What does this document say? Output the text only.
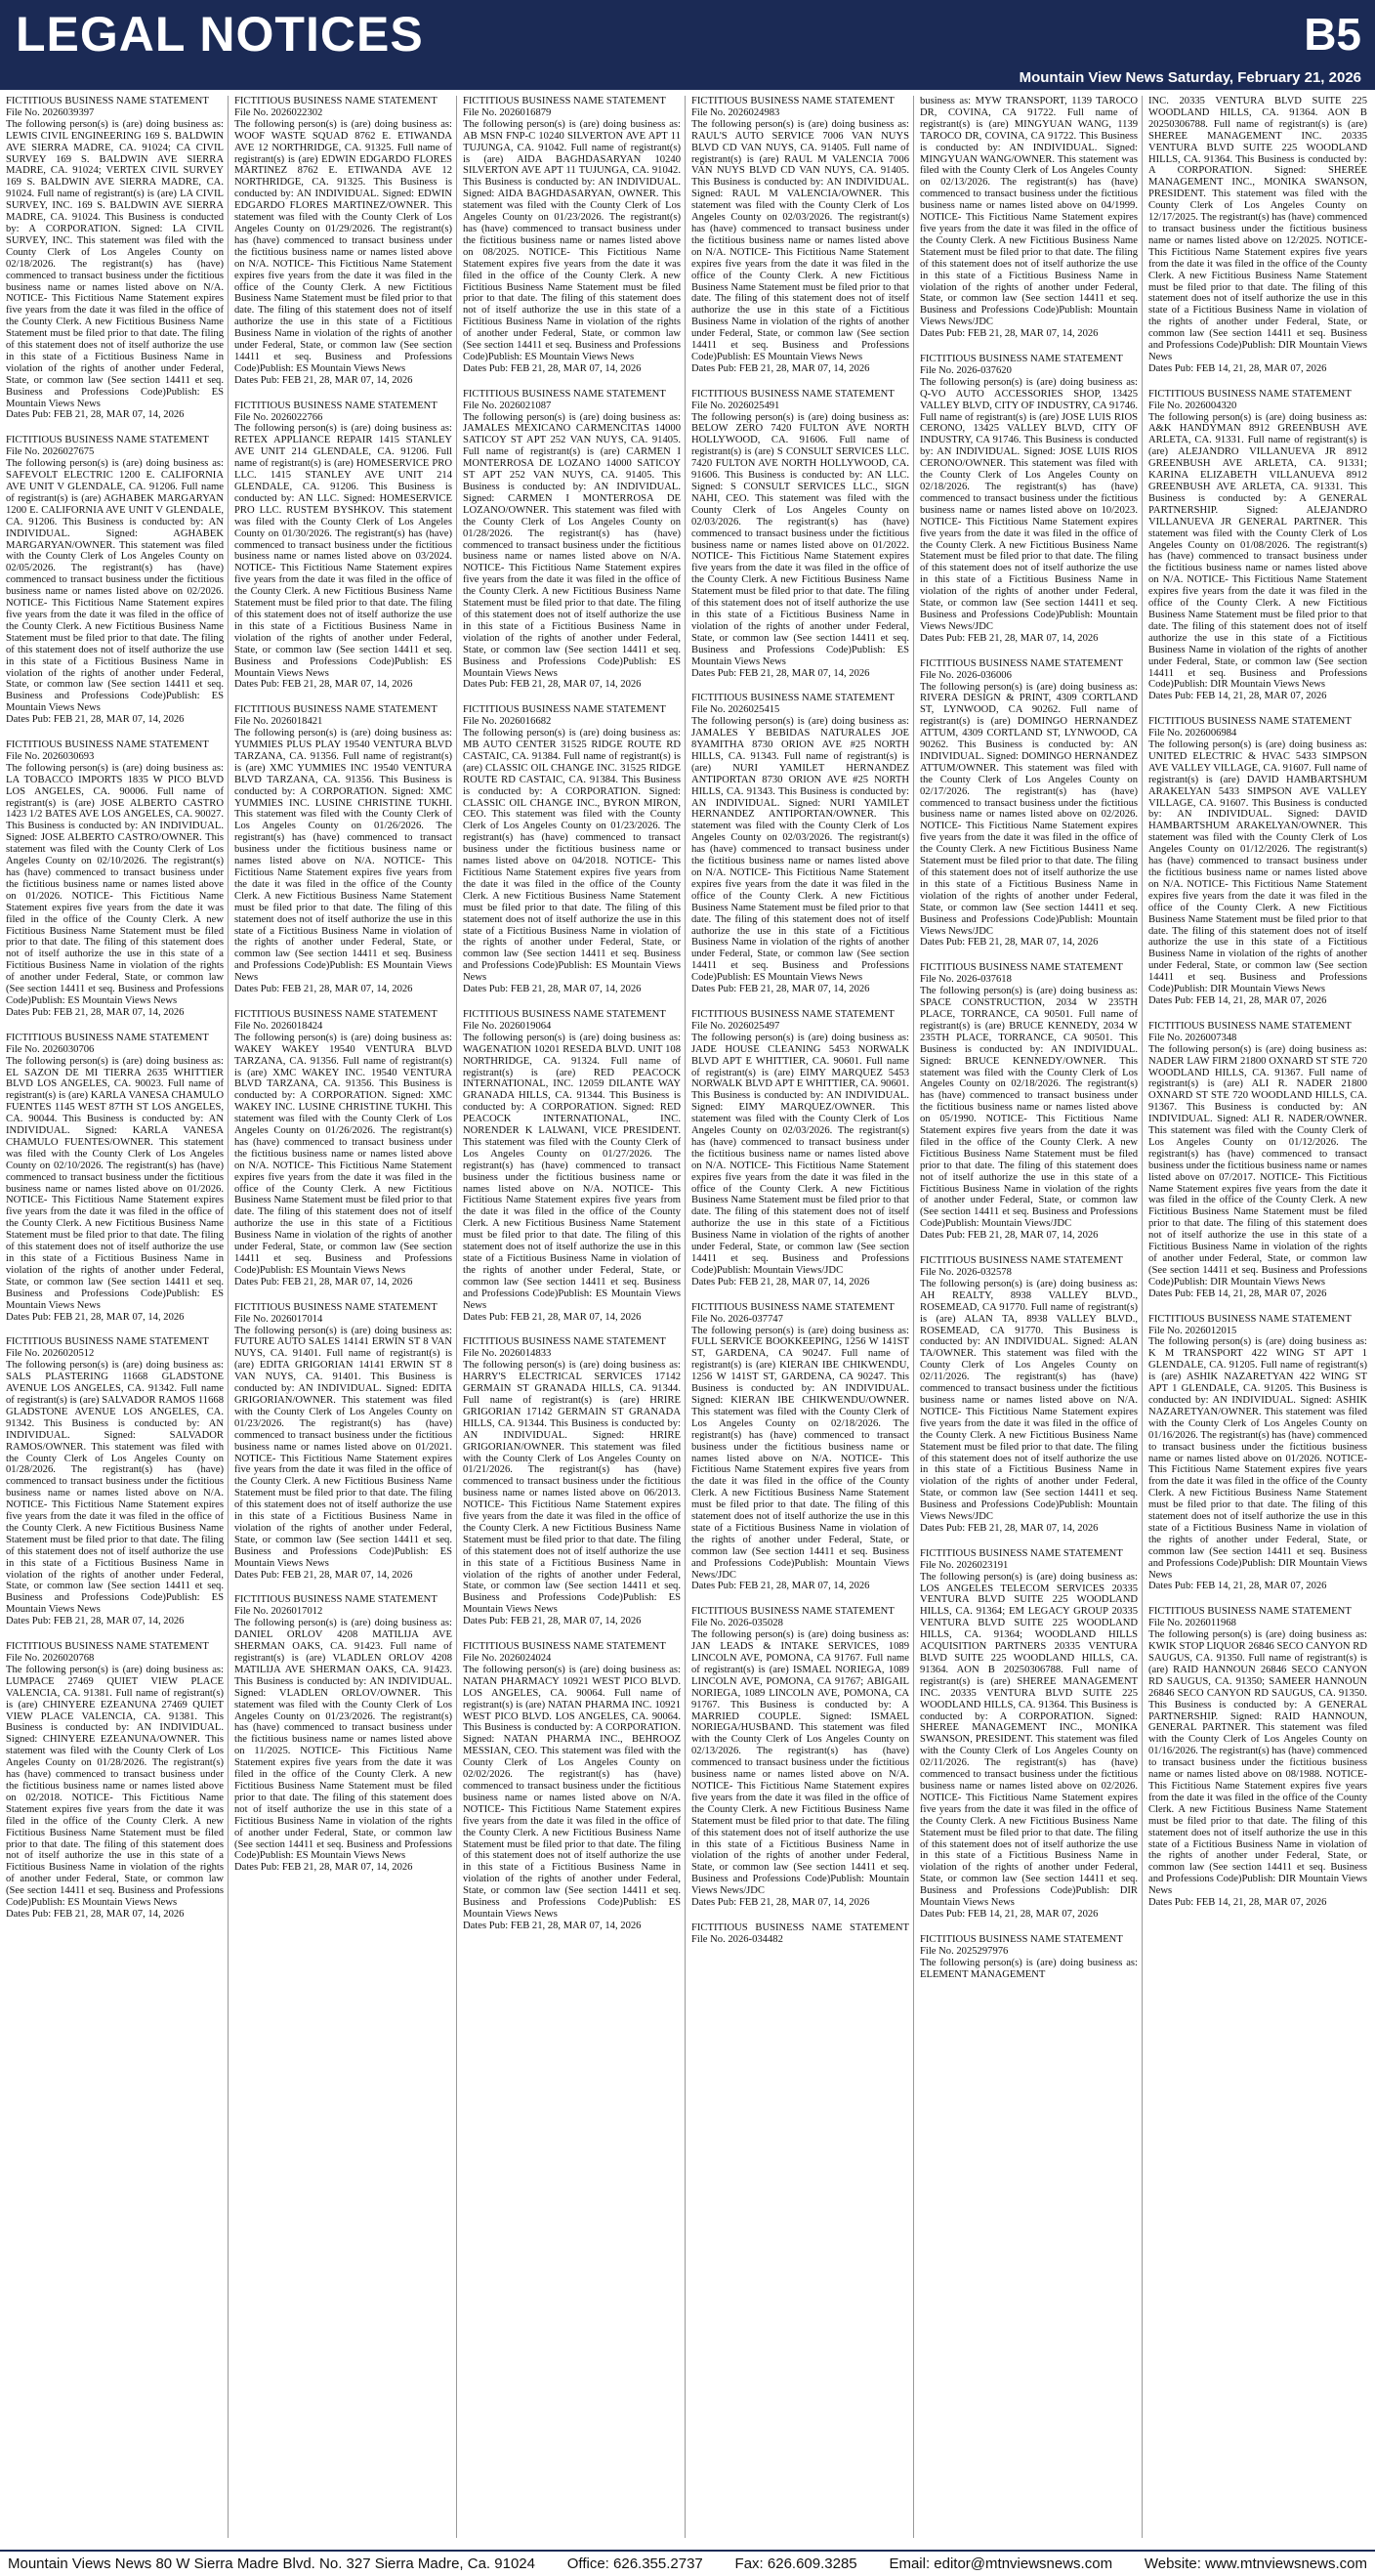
LEGAL NOTICES	B5
Mountain View News Saturday, February 21, 2026
FICTITIOUS BUSINESS NAME STATEMENT
File No. 2026039397
The following person(s) is (are) doing business as: LEWIS CIVIL ENGINEERING 169 S. BALDWIN AVE SIERRA MADRE, CA. 91024; CA CIVIL SURVEY 169 S. BALDWIN AVE SIERRA MADRE, CA. 91024; VERTEX CIVIL SURVEY 169 S. BALDWIN AVE SIERRA MADRE, CA. 91024. Full name of registrant(s) is (are) LA CIVIL SURVEY, INC. 169 S. BALDWIN AVE SIERRA MADRE, CA. 91024. This Business is conducted by: A CORPORATION. Signed: LA CIVIL SURVEY, INC. This statement was filed with the County Clerk of Los Angeles County on 02/18/2026. The registrant(s) has (have) commenced to transact business under the fictitious business name or names listed above on N/A. NOTICE- This Fictitious Name Statement expires five years from the date it was filed in the office of the County Clerk. A new Fictitious Business Name Statement must be filed prior to that date. The filing of this statement does not of itself authorize the use in this state of a Fictitious Business Name in violation of the rights of another under Federal, State, or common law (See section 14411 et seq. Business and Professions Code)Publish: ES Mountain Views News
Dates Pub: FEB 21, 28, MAR 07, 14, 2026
FICTITIOUS BUSINESS NAME STATEMENT
File No. 2026027675
The following person(s) is (are) doing business as: SAFEVOLT ELECTRIC 1200 E. CALIFORNIA AVE UNIT V GLENDALE, CA. 91206. Full name of registrant(s) is (are) AGHABEK MARGARYAN 1200 E. CALIFORNIA AVE UNIT V GLENDALE, CA. 91206. This Business is conducted by: AN INDIVIDUAL. Signed: AGHABEK MARGARYAN/OWNER. This statement was filed with the County Clerk of Los Angeles County on 02/05/2026. The registrant(s) has (have) commenced to transact business under the fictitious business name or names listed above on 02/2026. NOTICE- This Fictitious Name Statement expires five years from the date it was filed in the office of the County Clerk. A new Fictitious Business Name Statement must be filed prior to that date. The filing of this statement does not of itself authorize the use in this state of a Fictitious Business Name in violation of the rights of another under Federal, State, or common law (See section 14411 et seq. Business and Professions Code)Publish: ES Mountain Views News
Dates Pub: FEB 21, 28, MAR 07, 14, 2026
FICTITIOUS BUSINESS NAME STATEMENT
File No. 2026030693
The following person(s) is (are) doing business as: LA TOBACCO IMPORTS 1835 W PICO BLVD LOS ANGELES, CA. 90006. Full name of registrant(s) is (are) JOSE ALBERTO CASTRO 1423 1/2 BATES AVE LOS ANGELES, CA. 90027. This Business is conducted by: AN INDIVIDUAL. Signed: JOSE ALBERTO CASTRO/OWNER. This statement was filed with the County Clerk of Los Angeles County on 02/10/2026. The registrant(s) has (have) commenced to transact business under the fictitious business name or names listed above on 01/2026. NOTICE- This Fictitious Name Statement expires five years from the date it was filed in the office of the County Clerk. A new Fictitious Business Name Statement must be filed prior to that date. The filing of this statement does not of itself authorize the use in this state of a Fictitious Business Name in violation of the rights of another under Federal, State, or common law (See section 14411 et seq. Business and Professions Code)Publish: ES Mountain Views News
Dates Pub: FEB 21, 28, MAR 07, 14, 2026
FICTITIOUS BUSINESS NAME STATEMENT
File No. 2026030706
The following person(s) is (are) doing business as: EL SAZON DE MI TIERRA 2635 WHITTIER BLVD LOS ANGELES, CA. 90023. Full name of registrant(s) is (are) KARLA VANESA CHAMULO FUENTES 1145 WEST 87TH ST LOS ANGELES, CA. 90044. This Business is conducted by: AN INDIVIDUAL. Signed: KARLA VANESA CHAMULO FUENTES/OWNER. This statement was filed with the County Clerk of Los Angeles County on 02/10/2026. The registrant(s) has (have) commenced to transact business under the fictitious business name or names listed above on 01/2026. NOTICE- This Fictitious Name Statement expires five years from the date it was filed in the office of the County Clerk. A new Fictitious Business Name Statement must be filed prior to that date. The filing of this statement does not of itself authorize the use in this state of a Fictitious Business Name in violation of the rights of another under Federal, State, or common law (See section 14411 et seq. Business and Professions Code)Publish: ES Mountain Views News
Dates Pub: FEB 21, 28, MAR 07, 14, 2026
FICTITIOUS BUSINESS NAME STATEMENT
File No. 2026020512
The following person(s) is (are) doing business as: SALS PLASTERING 11668 GLADSTONE AVENUE LOS ANGELES, CA. 91342. Full name of registrant(s) is (are) SALVADOR RAMOS 11668 GLADSTONE AVENUE LOS ANGELES, CA. 91342. This Business is conducted by: AN INDIVIDUAL. Signed: SALVADOR RAMOS/OWNER. This statement was filed with the County Clerk of Los Angeles County on 01/28/2026. The registrant(s) has (have) commenced to transact business under the fictitious business name or names listed above on N/A. NOTICE- This Fictitious Name Statement expires five years from the date it was filed in the office of the County Clerk. A new Fictitious Business Name Statement must be filed prior to that date. The filing of this statement does not of itself authorize the use in this state of a Fictitious Business Name in violation of the rights of another under Federal, State, or common law (See section 14411 et seq. Business and Professions Code)Publish: ES Mountain Views News
Dates Pub: FEB 21, 28, MAR 07, 14, 2026
FICTITIOUS BUSINESS NAME STATEMENT
File No. 2026020768
The following person(s) is (are) doing business as: LUMPACE 27469 QUIET VIEW PLACE VALENCIA, CA. 91381. Full name of registrant(s) is (are) CHINYERE EZEANUNA 27469 QUIET VIEW PLACE VALENCIA, CA. 91381. This Business is conducted by: AN INDIVIDUAL. Signed: CHINYERE EZEANUNA/OWNER. This statement was filed with the County Clerk of Los Angeles County on 01/28/2026. The registrant(s) has (have) commenced to transact business under the fictitious business name or names listed above on 02/2018. NOTICE- This Fictitious Name Statement expires five years from the date it was filed in the office of the County Clerk. A new Fictitious Business Name Statement must be filed prior to that date. The filing of this statement does not of itself authorize the use in this state of a Fictitious Business Name in violation of the rights of another under Federal, State, or common law (See section 14411 et seq. Business and Professions Code)Publish: ES Mountain Views News
Dates Pub: FEB 21, 28, MAR 07, 14, 2026
FICTITIOUS BUSINESS NAME STATEMENT
File No. 2026022302
The following person(s) is (are) doing business as: WOOF WASTE SQUAD 8762 E. ETIWANDA AVE 12 NORTHRIDGE, CA. 91325. Full name of registrant(s) is (are) EDWIN EDGARDO FLORES MARTINEZ 8762 E. ETIWANDA AVE 12 NORTHRIDGE, CA. 91325. This Business is conducted by: AN INDIVIDUAL. Signed: EDWIN EDGARDO FLORES MARTINEZ/OWNER. This statement was filed with the County Clerk of Los Angeles County on 01/29/2026. The registrant(s) has (have) commenced to transact business under the fictitious business name or names listed above on N/A. NOTICE- This Fictitious Name Statement expires five years from the date it was filed in the office of the County Clerk. A new Fictitious Business Name Statement must be filed prior to that date. The filing of this statement does not of itself authorize the use in this state of a Fictitious Business Name in violation of the rights of another under Federal, State, or common law (See section 14411 et seq. Business and Professions Code)Publish: ES Mountain Views News
Dates Pub: FEB 21, 28, MAR 07, 14, 2026
FICTITIOUS BUSINESS NAME STATEMENT
File No. 2026022766
The following person(s) is (are) doing business as: RETEX APPLIANCE REPAIR 1415 STANLEY AVE UNIT 214 GLENDALE, CA. 91206. Full name of registrant(s) is (are) HOMESERVICE PRO LLC. 1415 STANLEY AVE UNIT 214 GLENDALE, CA. 91206. This Business is conducted by: AN LLC. Signed: HOMESERVICE PRO LLC. RUSTEM BYSHKOV. This statement was filed with the County Clerk of Los Angeles County on 01/30/2026. The registrant(s) has (have) commenced to transact business under the fictitious business name or names listed above on 03/2024. NOTICE- This Fictitious Name Statement expires five years from the date it was filed in the office of the County Clerk. A new Fictitious Business Name Statement must be filed prior to that date. The filing of this statement does not of itself authorize the use in this state of a Fictitious Business Name in violation of the rights of another under Federal, State, or common law (See section 14411 et seq. Business and Professions Code)Publish: ES Mountain Views News
Dates Pub: FEB 21, 28, MAR 07, 14, 2026
FICTITIOUS BUSINESS NAME STATEMENT
File No. 2026018421
The following person(s) is (are) doing business as: YUMMIES PLUS PLAY 19540 VENTURA BLVD TARZANA, CA. 91356. Full name of registrant(s) is (are) XMC YUMMIES INC 19540 VENTURA BLVD TARZANA, CA. 91356. This Business is conducted by: A CORPORATION. Signed: XMC YUMMIES INC. LUSINE CHRISTINE TUKHI. This statement was filed with the County Clerk of Los Angeles County on 01/26/2026. The registrant(s) has (have) commenced to transact business under the fictitious business name or names listed above on N/A. NOTICE- This Fictitious Name Statement expires five years from the date it was filed in the office of the County Clerk. A new Fictitious Business Name Statement must be filed prior to that date. The filing of this statement does not of itself authorize the use in this state of a Fictitious Business Name in violation of the rights of another under Federal, State, or common law (See section 14411 et seq. Business and Professions Code)Publish: ES Mountain Views News
Dates Pub: FEB 21, 28, MAR 07, 14, 2026
FICTITIOUS BUSINESS NAME STATEMENT
File No. 2026018424
The following person(s) is (are) doing business as: WAKEY WAKEY 19540 VENTURA BLVD TARZANA, CA. 91356. Full name of registrant(s) is (are) XMC WAKEY INC. 19540 VENTURA BLVD TARZANA, CA. 91356. This Business is conducted by: A CORPORATION. Signed: XMC WAKEY INC. LUSINE CHRISTINE TUKHI. This statement was filed with the County Clerk of Los Angeles County on 01/26/2026. The registrant(s) has (have) commenced to transact business under the fictitious business name or names listed above on N/A. NOTICE- This Fictitious Name Statement expires five years from the date it was filed in the office of the County Clerk. A new Fictitious Business Name Statement must be filed prior to that date. The filing of this statement does not of itself authorize the use in this state of a Fictitious Business Name in violation of the rights of another under Federal, State, or common law (See section 14411 et seq. Business and Professions Code)Publish: ES Mountain Views News
Dates Pub: FEB 21, 28, MAR 07, 14, 2026
FICTITIOUS BUSINESS NAME STATEMENT
File No. 2026017014
The following person(s) is (are) doing business as: FUTURE AUTO SALES 14141 ERWIN ST 8 VAN NUYS, CA. 91401. Full name of registrant(s) is (are) EDITA GRIGORIAN 14141 ERWIN ST 8 VAN NUYS, CA. 91401. This Business is conducted by: AN INDIVIDUAL. Signed: EDITA GRIGORIAN/OWNER. This statement was filed with the County Clerk of Los Angeles County on 01/23/2026. The registrant(s) has (have) commenced to transact business under the fictitious business name or names listed above on 01/2021. NOTICE- This Fictitious Name Statement expires five years from the date it was filed in the office of the County Clerk. A new Fictitious Business Name Statement must be filed prior to that date. The filing of this statement does not of itself authorize the use in this state of a Fictitious Business Name in violation of the rights of another under Federal, State, or common law (See section 14411 et seq. Business and Professions Code)Publish: ES Mountain Views News
Dates Pub: FEB 21, 28, MAR 07, 14, 2026
FICTITIOUS BUSINESS NAME STATEMENT
File No. 2026017012
The following person(s) is (are) doing business as: DANIEL ORLOV 4208 MATILIJA AVE SHERMAN OAKS, CA. 91423. Full name of registrant(s) is (are) VLADLEN ORLOV 4208 MATILIJA AVE SHERMAN OAKS, CA. 91423. This Business is conducted by: AN INDIVIDUAL. Signed: VLADLEN ORLOV/OWNER. This statement was filed with the County Clerk of Los Angeles County on 01/23/2026. The registrant(s) has (have) commenced to transact business under the fictitious business name or names listed above on 11/2025. NOTICE- This Fictitious Name Statement expires five years from the date it was filed in the office of the County Clerk. A new Fictitious Business Name Statement must be filed prior to that date. The filing of this statement does not of itself authorize the use in this state of a Fictitious Business Name in violation of the rights of another under Federal, State, or common law (See section 14411 et seq. Business and Professions Code)Publish: ES Mountain Views News
Dates Pub: FEB 21, 28, MAR 07, 14, 2026
FICTITIOUS BUSINESS NAME STATEMENT
File No. 2026016879
The following person(s) is (are) doing business as: AB MSN FNP-C 10240 SILVERTON AVE APT 11 TUJUNGA, CA. 91042. Full name of registrant(s) is (are) AIDA BAGHDASARYAN 10240 SILVERTON AVE APT 11 TUJUNGA, CA. 91042. This Business is conducted by: AN INDIVIDUAL. Signed: AIDA BAGHDASARYAN, OWNER. This statement was filed with the County Clerk of Los Angeles County on 01/23/2026. The registrant(s) has (have) commenced to transact business under the fictitious business name or names listed above on 08/2025. NOTICE- This Fictitious Name Statement expires five years from the date it was filed in the office of the County Clerk. A new Fictitious Business Name Statement must be filed prior to that date. The filing of this statement does not of itself authorize the use in this state of a Fictitious Business Name in violation of the rights of another under Federal, State, or common law (See section 14411 et seq. Business and Professions Code)Publish: ES Mountain Views News
Dates Pub: FEB 21, 28, MAR 07, 14, 2026
FICTITIOUS BUSINESS NAME STATEMENT
File No. 2026021087
The following person(s) is (are) doing business as: JAMALES MEXICANO CARMENCITAS 14000 SATICOY ST APT 252 VAN NUYS, CA. 91405. Full name of registrant(s) is (are) CARMEN I MONTERROSA DE LOZANO 14000 SATICOY ST APT 252 VAN NUYS, CA. 91405. This Business is conducted by: AN INDIVIDUAL. Signed: CARMEN I MONTERROSA DE LOZANO/OWNER. This statement was filed with the County Clerk of Los Angeles County on 01/28/2026. The registrant(s) has (have) commenced to transact business under the fictitious business name or names listed above on N/A. NOTICE- This Fictitious Name Statement expires five years from the date it was filed in the office of the County Clerk. A new Fictitious Business Name Statement must be filed prior to that date. The filing of this statement does not of itself authorize the use in this state of a Fictitious Business Name in violation of the rights of another under Federal, State, or common law (See section 14411 et seq. Business and Professions Code)Publish: ES Mountain Views News
Dates Pub: FEB 21, 28, MAR 07, 14, 2026
FICTITIOUS BUSINESS NAME STATEMENT
File No. 2026016682
The following person(s) is (are) doing business as: MB AUTO CENTER 31525 RIDGE ROUTE RD CASTAIC, CA. 91384. Full name of registrant(s) is (are) CLASSIC OIL CHANGE INC. 31525 RIDGE ROUTE RD CASTAIC, CA. 91384. This Business is conducted by: A CORPORATION. Signed: CLASSIC OIL CHANGE INC., BYRON MIRON, CEO. This statement was filed with the County Clerk of Los Angeles County on 01/23/2026. The registrant(s) has (have) commenced to transact business under the fictitious business name or names listed above on 04/2018. NOTICE- This Fictitious Name Statement expires five years from the date it was filed in the office of the County Clerk. A new Fictitious Business Name Statement must be filed prior to that date. The filing of this statement does not of itself authorize the use in this state of a Fictitious Business Name in violation of the rights of another under Federal, State, or common law (See section 14411 et seq. Business and Professions Code)Publish: ES Mountain Views News
Dates Pub: FEB 21, 28, MAR 07, 14, 2026
FICTITIOUS BUSINESS NAME STATEMENT
File No. 2026019064
The following person(s) is (are) doing business as: WAGENATION 10201 RESEDA BLVD. UNIT 108 NORTHRIDGE, CA. 91324. Full name of registrant(s) is (are) RED PEACOCK INTERNATIONAL, INC. 12059 DILANTE WAY GRANADA HILLS, CA. 91344. This Business is conducted by: A CORPORATION. Signed: RED PEACOCK INTERNATIONAL, INC. NORENDER K LALWANI, VICE PRESIDENT. This statement was filed with the County Clerk of Los Angeles County on 01/27/2026. The registrant(s) has (have) commenced to transact business under the fictitious business name or names listed above on N/A. NOTICE- This Fictitious Name Statement expires five years from the date it was filed in the office of the County Clerk. A new Fictitious Business Name Statement must be filed prior to that date. The filing of this statement does not of itself authorize the use in this state of a Fictitious Business Name in violation of the rights of another under Federal, State, or common law (See section 14411 et seq. Business and Professions Code)Publish: ES Mountain Views News
Dates Pub: FEB 21, 28, MAR 07, 14, 2026
FICTITIOUS BUSINESS NAME STATEMENT
File No. 2026014833
The following person(s) is (are) doing business as: HARRY'S ELECTRICAL SERVICES 17142 GERMAIN ST GRANADA HILLS, CA. 91344. Full name of registrant(s) is (are) HRIRE GRIGORIAN 17142 GERMAIN ST GRANADA HILLS, CA. 91344. This Business is conducted by: AN INDIVIDUAL. Signed: HRIRE GRIGORIAN/OWNER. This statement was filed with the County Clerk of Los Angeles County on 01/21/2026. The registrant(s) has (have) commenced to transact business under the fictitious business name or names listed above on 06/2013. NOTICE- This Fictitious Name Statement expires five years from the date it was filed in the office of the County Clerk. A new Fictitious Business Name Statement must be filed prior to that date. The filing of this statement does not of itself authorize the use in this state of a Fictitious Business Name in violation of the rights of another under Federal, State, or common law (See section 14411 et seq. Business and Professions Code)Publish: ES Mountain Views News
Dates Pub: FEB 21, 28, MAR 07, 14, 2026
FICTITIOUS BUSINESS NAME STATEMENT
File No. 2026024024
The following person(s) is (are) doing business as: NATAN PHARMACY 10921 WEST PICO BLVD. LOS ANGELES, CA. 90064. Full name of registrant(s) is (are) NATAN PHARMA INC. 10921 WEST PICO BLVD. LOS ANGELES, CA. 90064. This Business is conducted by: A CORPORATION. Signed: NATAN PHARMA INC., BEHROOZ MESSIAN, CEO. This statement was filed with the County Clerk of Los Angeles County on 02/02/2026. The registrant(s) has (have) commenced to transact business under the fictitious business name or names listed above on N/A. NOTICE- This Fictitious Name Statement expires five years from the date it was filed in the office of the County Clerk. A new Fictitious Business Name Statement must be filed prior to that date. The filing of this statement does not of itself authorize the use in this state of a Fictitious Business Name in violation of the rights of another under Federal, State, or common law (See section 14411 et seq. Business and Professions Code)Publish: ES Mountain Views News
Dates Pub: FEB 21, 28, MAR 07, 14, 2026
FICTITIOUS BUSINESS NAME STATEMENT
File No. 2026024983
The following person(s) is (are) doing business as: RAUL'S AUTO SERVICE 7006 VAN NUYS BLVD CD VAN NUYS, CA. 91405. Full name of registrant(s) is (are) RAUL M VALENCIA 7006 VAN NUYS BLVD CD VAN NUYS, CA. 91405. This Business is conducted by: AN INDIVIDUAL. Signed: RAUL M VALENCIA/OWNER. This statement was filed with the County Clerk of Los Angeles County on 02/03/2026. The registrant(s) has (have) commenced to transact business under the fictitious business name or names listed above on N/A. NOTICE- This Fictitious Name Statement expires five years from the date it was filed in the office of the County Clerk. A new Fictitious Business Name Statement must be filed prior to that date. The filing of this statement does not of itself authorize the use in this state of a Fictitious Business Name in violation of the rights of another under Federal, State, or common law (See section 14411 et seq. Business and Professions Code)Publish: ES Mountain Views News
Dates Pub: FEB 21, 28, MAR 07, 14, 2026
FICTITIOUS BUSINESS NAME STATEMENT
File No. 2026025491
The following person(s) is (are) doing business as: BELOW ZERO 7420 FULTON AVE NORTH HOLLYWOOD, CA. 91606. Full name of registrant(s) is (are) S CONSULT SERVICES LLC. 7420 FULTON AVE NORTH HOLLYWOOD, CA. 91606. This Business is conducted by: AN LLC. Signed: S CONSULT SERVICES LLC., SIGN NAHI, CEO. This statement was filed with the County Clerk of Los Angeles County on 02/03/2026. The registrant(s) has (have) commenced to transact business under the fictitious business name or names listed above on 01/2022. NOTICE- This Fictitious Name Statement expires five years from the date it was filed in the office of the County Clerk. A new Fictitious Business Name Statement must be filed prior to that date. The filing of this statement does not of itself authorize the use in this state of a Fictitious Business Name in violation of the rights of another under Federal, State, or common law (See section 14411 et seq. Business and Professions Code)Publish: ES Mountain Views News
Dates Pub: FEB 21, 28, MAR 07, 14, 2026
FICTITIOUS BUSINESS NAME STATEMENT
File No. 2026025415
The following person(s) is (are) doing business as: JAMALES Y BEBIDAS NATURALES JOE 8YAMITHA 8730 ORION AVE #25 NORTH HILLS, CA. 91343. Full name of registrant(s) is (are) NURI YAMILET HERNANDEZ ANTIPORTAN 8730 ORION AVE #25 NORTH HILLS, CA. 91343. This Business is conducted by: AN INDIVIDUAL. Signed: NURI YAMILET HERNANDEZ ANTIPORTAN/OWNER. This statement was filed with the County Clerk of Los Angeles County on 02/03/2026. The registrant(s) has (have) commenced to transact business under the fictitious business name or names listed above on N/A. NOTICE- This Fictitious Name Statement expires five years from the date it was filed in the office of the County Clerk. A new Fictitious Business Name Statement must be filed prior to that date. The filing of this statement does not of itself authorize the use in this state of a Fictitious Business Name in violation of the rights of another under Federal, State, or common law (See section 14411 et seq. Business and Professions Code)Publish: ES Mountain Views News
Dates Pub: FEB 21, 28, MAR 07, 14, 2026
FICTITIOUS BUSINESS NAME STATEMENT
File No. 2026025497
The following person(s) is (are) doing business as: JADE HOUSE CLEANING 5453 NORWALK BLVD APT E WHITTIER, CA. 90601. Full name of registrant(s) is (are) EIMY MARQUEZ 5453 NORWALK BLVD APT E WHITTIER, CA. 90601. This Business is conducted by: AN INDIVIDUAL. Signed: EIMY MARQUEZ/OWNER. This statement was filed with the County Clerk of Los Angeles County on 02/03/2026. The registrant(s) has (have) commenced to transact business under the fictitious business name or names listed above on N/A. NOTICE- This Fictitious Name Statement expires five years from the date it was filed in the office of the County Clerk. A new Fictitious Business Name Statement must be filed prior to that date. The filing of this statement does not of itself authorize the use in this state of a Fictitious Business Name in violation of the rights of another under Federal, State, or common law (See section 14411 et seq. Business and Professions Code)Publish: Mountain Views/JDC
Dates Pub: FEB 21, 28, MAR 07, 14, 2026
FICTITIOUS BUSINESS NAME STATEMENT
File No. 2026-037747
The following person(s) is (are) doing business as: FULL SERVICE BOOKKEEPING, 1256 W 141ST ST, GARDENA, CA 90247. Full name of registrant(s) is (are) KIERAN IBE CHIKWENDU, 1256 W 141ST ST, GARDENA, CA 90247. This Business is conducted by: AN INDIVIDUAL. Signed: KIERAN IBE CHIKWENDU/OWNER. This statement was filed with the County Clerk of Los Angeles County on 02/18/2026. The registrant(s) has (have) commenced to transact business under the fictitious business name or names listed above on N/A. NOTICE- This Fictitious Name Statement expires five years from the date it was filed in the office of the County Clerk. A new Fictitious Business Name Statement must be filed prior to that date. The filing of this statement does not of itself authorize the use in this state of a Fictitious Business Name in violation of the rights of another under Federal, State, or common law (See section 14411 et seq. Business and Professions Code)Publish: Mountain Views News/JDC
Dates Pub: FEB 21, 28, MAR 07, 14, 2026
FICTITIOUS BUSINESS NAME STATEMENT
File No. 2026-035028
The following person(s) is (are) doing business as: JAN LEADS & INTAKE SERVICES, 1089 LINCOLN AVE, POMONA, CA 91767. Full name of registrant(s) is (are) ISMAEL NORIEGA, 1089 LINCOLN AVE, POMONA, CA 91767; ABIGAIL NORIEGA, 1089 LINCOLN AVE, POMONA, CA 91767. This Business is conducted by: A MARRIED COUPLE. Signed: ISMAEL NORIEGA/HUSBAND. This statement was filed with the County Clerk of Los Angeles County on 02/13/2026. The registrant(s) has (have) commenced to transact business under the fictitious business name or names listed above on N/A. NOTICE- This Fictitious Name Statement expires five years from the date it was filed in the office of the County Clerk. A new Fictitious Business Name Statement must be filed prior to that date. The filing of this statement does not of itself authorize the use in this state of a Fictitious Business Name in violation of the rights of another under Federal, State, or common law (See section 14411 et seq. Business and Professions Code)Publish: Mountain Views News/JDC
Dates Pub: FEB 21, 28, MAR 07, 14, 2026
FICTITIOUS BUSINESS NAME STATEMENT File No. 2026-034482
business as: MYW TRANSPORT, 1139 TAROCO DR, COVINA, CA 91722. Full name of registrant(s) is (are) MINGYUAN WANG, 1139 TAROCO DR, COVINA, CA 91722. This Business is conducted by: AN INDIVIDUAL. Signed: MINGYUAN WANG/OWNER. This statement was filed with the County Clerk of Los Angeles County on 02/13/2026. The registrant(s) has (have) commenced to transact business under the fictitious business name or names listed above on 04/1999. NOTICE- This Fictitious Name Statement expires five years from the date it was filed in the office of the County Clerk. A new Fictitious Business Name Statement must be filed prior to that date. The filing of this statement does not of itself authorize the use in this state of a Fictitious Business Name in violation of the rights of another under Federal, State, or common law (See section 14411 et seq. Business and Professions Code)Publish: Mountain Views News/JDC
Dates Pub: FEB 21, 28, MAR 07, 14, 2026
FICTITIOUS BUSINESS NAME STATEMENT
File No. 2026-037620
The following person(s) is (are) doing business as: Q-VO AUTO ACCESSORIES SHOP, 13425 VALLEY BLVD, CITY OF INDUSTRY, CA 91746. Full name of registrant(s) is (are) JOSE LUIS RIOS CERONO, 13425 VALLEY BLVD, CITY OF INDUSTRY, CA 91746. This Business is conducted by: AN INDIVIDUAL. Signed: JOSE LUIS RIOS CERONO/OWNER. This statement was filed with the County Clerk of Los Angeles County on 02/18/2026. The registrant(s) has (have) commenced to transact business under the fictitious business name or names listed above on 10/2023. NOTICE- This Fictitious Name Statement expires five years from the date it was filed in the office of the County Clerk. A new Fictitious Business Name Statement must be filed prior to that date. The filing of this statement does not of itself authorize the use in this state of a Fictitious Business Name in violation of the rights of another under Federal, State, or common law (See section 14411 et seq. Business and Professions Code)Publish: Mountain Views News/JDC
Dates Pub: FEB 21, 28, MAR 07, 14, 2026
FICTITIOUS BUSINESS NAME STATEMENT
File No. 2026-036006
The following person(s) is (are) doing business as: RIVERA DESIGN & PRINT, 4309 CORTLAND ST, LYNWOOD, CA 90262. Full name of registrant(s) is (are) DOMINGO HERNANDEZ ATTUM, 4309 CORTLAND ST, LYNWOOD, CA 90262. This Business is conducted by: AN INDIVIDUAL. Signed: DOMINGO HERNANDEZ ATTUM/OWNER. This statement was filed with the County Clerk of Los Angeles County on 02/17/2026. The registrant(s) has (have) commenced to transact business under the fictitious business name or names listed above on 02/2026. NOTICE- This Fictitious Name Statement expires five years from the date it was filed in the office of the County Clerk. A new Fictitious Business Name Statement must be filed prior to that date. The filing of this statement does not of itself authorize the use in this state of a Fictitious Business Name in violation of the rights of another under Federal, State, or common law (See section 14411 et seq. Business and Professions Code)Publish: Mountain Views News/JDC
Dates Pub: FEB 21, 28, MAR 07, 14, 2026
FICTITIOUS BUSINESS NAME STATEMENT
File No. 2026-037618
The following person(s) is (are) doing business as: SPACE CONSTRUCTION, 2034 W 235TH PLACE, TORRANCE, CA 90501. Full name of registrant(s) is (are) BRUCE KENNEDY, 2034 W 235TH PLACE, TORRANCE, CA 90501. This Business is conducted by: AN INDIVIDUAL. Signed: BRUCE KENNEDY/OWNER. This statement was filed with the County Clerk of Los Angeles County on 02/18/2026. The registrant(s) has (have) commenced to transact business under the fictitious business name or names listed above on 05/1990. NOTICE- This Fictitious Name Statement expires five years from the date it was filed in the office of the County Clerk. A new Fictitious Business Name Statement must be filed prior to that date. The filing of this statement does not of itself authorize the use in this state of a Fictitious Business Name in violation of the rights of another under Federal, State, or common law (See section 14411 et seq. Business and Professions Code)Publish: Mountain Views/JDC
Dates Pub: FEB 21, 28, MAR 07, 14, 2026
FICTITIOUS BUSINESS NAME STATEMENT
File No. 2026-032578
The following person(s) is (are) doing business as: AH REALTY, 8938 VALLEY BLVD., ROSEMEAD, CA 91770. Full name of registrant(s) is (are) ALAN TA, 8938 VALLEY BLVD., ROSEMEAD, CA 91770. This Business is conducted by: AN INDIVIDUAL. Signed: ALAN TA/OWNER. This statement was filed with the County Clerk of Los Angeles County on 02/11/2026. The registrant(s) has (have) commenced to transact business under the fictitious business name or names listed above on N/A. NOTICE- This Fictitious Name Statement expires five years from the date it was filed in the office of the County Clerk. A new Fictitious Business Name Statement must be filed prior to that date. The filing of this statement does not of itself authorize the use in this state of a Fictitious Business Name in violation of the rights of another under Federal, State, or common law (See section 14411 et seq. Business and Professions Code)Publish: Mountain Views News/JDC
Dates Pub: FEB 21, 28, MAR 07, 14, 2026
FICTITIOUS BUSINESS NAME STATEMENT
File No. 2026023191
The following person(s) is (are) doing business as: LOS ANGELES TELECOM SERVICES 20335 VENTURA BLVD SUITE 225 WOODLAND HILLS, CA. 91364; EM LEGACY GROUP 20335 VENTURA BLVD SUITE 225 WOODLAND HILLS, CA. 91364; WOODLAND HILLS ACQUISITION PARTNERS 20335 VENTURA BLVD SUITE 225 WOODLAND HILLS, CA. 91364. AON B 20250306788. Full name of registrant(s) is (are) SHEREE MANAGEMENT INC. 20335 VENTURA BLVD SUITE 225 WOODLAND HILLS, CA. 91364. This Business is conducted by: A CORPORATION. Signed: SHEREE MANAGEMENT INC., MONIKA SWANSON, PRESIDENT. This statement was filed with the County Clerk of Los Angeles County on 02/11/2026. The registrant(s) has (have) commenced to transact business under the fictitious business name or names listed above on 02/2026. NOTICE- This Fictitious Name Statement expires five years from the date it was filed in the office of the County Clerk. A new Fictitious Business Name Statement must be filed prior to that date. The filing of this statement does not of itself authorize the use in this state of a Fictitious Business Name in violation of the rights of another under Federal, State, or common law (See section 14411 et seq. Business and Professions Code)Publish: DIR Mountain Views News
Dates Pub: FEB 14, 21, 28, MAR 07, 2026
FICTITIOUS BUSINESS NAME STATEMENT
File No. 2025297976
The following person(s) is (are) doing business as: ELEMENT MANAGEMENT
INC. 20335 VENTURA BLVD SUITE 225 WOODLAND HILLS, CA. 91364. AON B 20250306788. Full name of registrant(s) is (are) SHEREE MANAGEMENT INC. 20335 VENTURA BLVD SUITE 225 WOODLAND HILLS, CA. 91364. This Business is conducted by: A CORPORATION. Signed: SHEREE MANAGEMENT INC., MONIKA SWANSON, PRESIDENT. This statement was filed with the County Clerk of Los Angeles County on 12/17/2025. The registrant(s) has (have) commenced to transact business under the fictitious business name or names listed above on 12/2025. NOTICE- This Fictitious Name Statement expires five years from the date it was filed in the office of the County Clerk. A new Fictitious Business Name Statement must be filed prior to that date. The filing of this statement does not of itself authorize the use in this state of a Fictitious Business Name in violation of the rights of another under Federal, State, or common law (See section 14411 et seq. Business and Professions Code)Publish: DIR Mountain Views News
Dates Pub: FEB 14, 21, 28, MAR 07, 2026
FICTITIOUS BUSINESS NAME STATEMENT
File No. 2026004320
The following person(s) is (are) doing business as: A&K HANDYMAN 8912 GREENBUSH AVE ARLETA, CA. 91331. Full name of registrant(s) is (are) ALEJANDRO VILLANUEVA JR 8912 GREENBUSH AVE ARLETA, CA. 91331; KARINA ELIZABETH VILLANUEVA 8912 GREENBUSH AVE ARLETA, CA. 91331. This Business is conducted by: A GENERAL PARTNERSHIP. Signed: ALEJANDRO VILLANUEVA JR GENERAL PARTNER. This statement was filed with the County Clerk of Los Angeles County on 01/08/2026. The registrant(s) has (have) commenced to transact business under the fictitious business name or names listed above on N/A. NOTICE- This Fictitious Name Statement expires five years from the date it was filed in the office of the County Clerk. A new Fictitious Business Name Statement must be filed prior to that date. The filing of this statement does not of itself authorize the use in this state of a Fictitious Business Name in violation of the rights of another under Federal, State, or common law (See section 14411 et seq. Business and Professions Code)Publish: DIR Mountain Views News
Dates Pub: FEB 14, 21, 28, MAR 07, 2026
FICTITIOUS BUSINESS NAME STATEMENT
File No. 2026006984
The following person(s) is (are) doing business as: UNITED ELECTRIC & HVAC 5433 SIMPSON AVE VALLEY VILLAGE, CA. 91607. Full name of registrant(s) is (are) DAVID HAMBARTSHUM ARAKELYAN 5433 SIMPSON AVE VALLEY VILLAGE, CA. 91607. This Business is conducted by: AN INDIVIDUAL. Signed: DAVID HAMBARTSHUM ARAKELYAN/OWNER. This statement was filed with the County Clerk of Los Angeles County on 01/12/2026. The registrant(s) has (have) commenced to transact business under the fictitious business name or names listed above on N/A. NOTICE- This Fictitious Name Statement expires five years from the date it was filed in the office of the County Clerk. A new Fictitious Business Name Statement must be filed prior to that date. The filing of this statement does not of itself authorize the use in this state of a Fictitious Business Name in violation of the rights of another under Federal, State, or common law (See section 14411 et seq. Business and Professions Code)Publish: DIR Mountain Views News
Dates Pub: FEB 14, 21, 28, MAR 07, 2026
FICTITIOUS BUSINESS NAME STATEMENT
File No. 2026007348
The following person(s) is (are) doing business as: NADER LAW FIRM 21800 OXNARD ST STE 720 WOODLAND HILLS, CA. 91367. Full name of registrant(s) is (are) ALI R. NADER 21800 OXNARD ST STE 720 WOODLAND HILLS, CA. 91367. This Business is conducted by: AN INDIVIDUAL. Signed: ALI R. NADER/OWNER. This statement was filed with the County Clerk of Los Angeles County on 01/12/2026. The registrant(s) has (have) commenced to transact business under the fictitious business name or names listed above on 07/2017. NOTICE- This Fictitious Name Statement expires five years from the date it was filed in the office of the County Clerk. A new Fictitious Business Name Statement must be filed prior to that date. The filing of this statement does not of itself authorize the use in this state of a Fictitious Business Name in violation of the rights of another under Federal, State, or common law (See section 14411 et seq. Business and Professions Code)Publish: DIR Mountain Views News
Dates Pub: FEB 14, 21, 28, MAR 07, 2026
FICTITIOUS BUSINESS NAME STATEMENT
File No. 2026012015
The following person(s) is (are) doing business as: K M TRANSPORT 422 WING ST APT 1 GLENDALE, CA. 91205. Full name of registrant(s) is (are) ASHIK NAZARETYAN 422 WING ST APT 1 GLENDALE, CA. 91205. This Business is conducted by: AN INDIVIDUAL. Signed: ASHIK NAZARETYAN/OWNER. This statement was filed with the County Clerk of Los Angeles County on 01/16/2026. The registrant(s) has (have) commenced to transact business under the fictitious business name or names listed above on 01/2026. NOTICE- This Fictitious Name Statement expires five years from the date it was filed in the office of the County Clerk. A new Fictitious Business Name Statement must be filed prior to that date. The filing of this statement does not of itself authorize the use in this state of a Fictitious Business Name in violation of the rights of another under Federal, State, or common law (See section 14411 et seq. Business and Professions Code)Publish: DIR Mountain Views News
Dates Pub: FEB 14, 21, 28, MAR 07, 2026
FICTITIOUS BUSINESS NAME STATEMENT
File No. 2026011968
The following person(s) is (are) doing business as: KWIK STOP LIQUOR 26846 SECO CANYON RD SAUGUS, CA. 91350. Full name of registrant(s) is (are) RAID HANNOUN 26846 SECO CANYON RD SAUGUS, CA. 91350; SAMEER HANNOUN 26846 SECO CANYON RD SAUGUS, CA. 91350. This Business is conducted by: A GENERAL PARTNERSHIP. Signed: RAID HANNOUN, GENERAL PARTNER. This statement was filed with the County Clerk of Los Angeles County on 01/16/2026. The registrant(s) has (have) commenced to transact business under the fictitious business name or names listed above on 08/1988. NOTICE- This Fictitious Name Statement expires five years from the date it was filed in the office of the County Clerk. A new Fictitious Business Name Statement must be filed prior to that date. The filing of this statement does not of itself authorize the use in this state of a Fictitious Business Name in violation of the rights of another under Federal, State, or common law (See section 14411 et seq. Business and Professions Code)Publish: DIR Mountain Views News
Dates Pub: FEB 14, 21, 28, MAR 07, 2026
Mountain Views News 80 W Sierra Madre Blvd. No. 327 Sierra Madre, Ca. 91024 Office: 626.355.2737 Fax: 626.609.3285 Email: editor@mtnviewsnews.com Website: www.mtnviewsnews.com
